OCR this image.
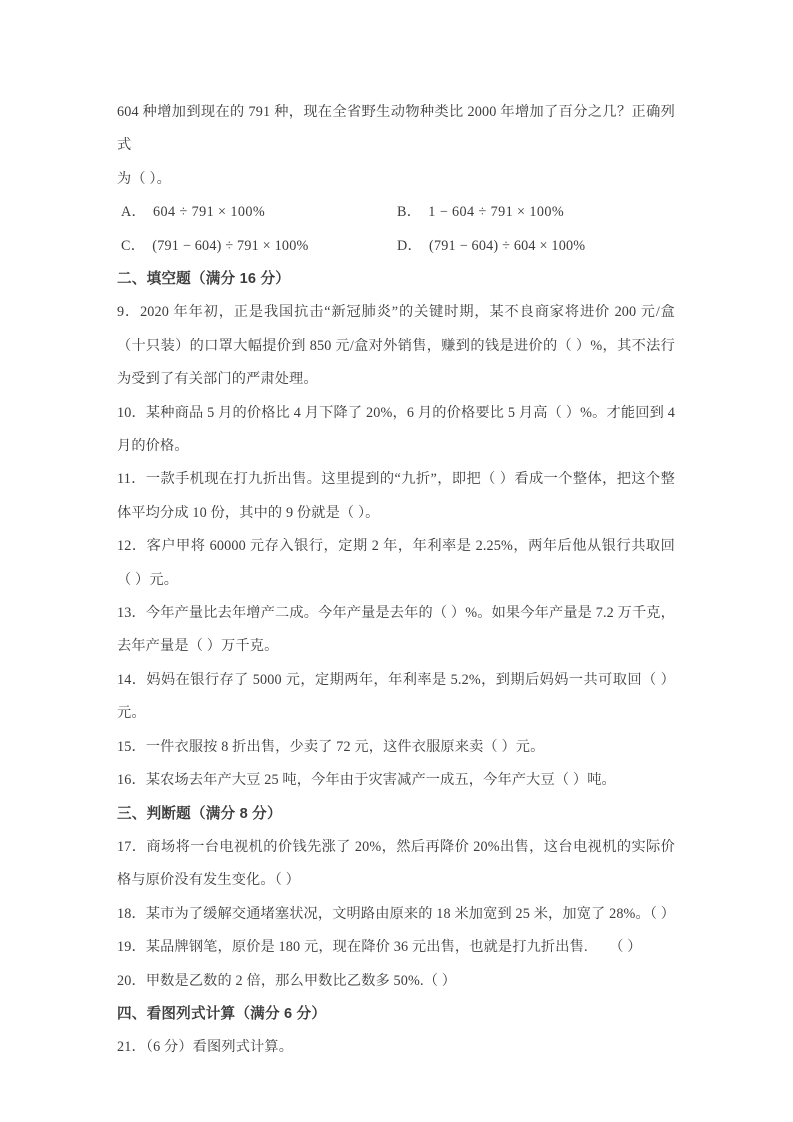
604 种增加到现在的 791 种，现在全省野生动物种类比 2000 年增加了百分之几？正确列式

为（ ）。

A． 604 ÷ 791 × 100%	B． 1 − 604 ÷ 791 × 100%
C． (791 − 604) ÷ 791 × 100%	D． (791 − 604) ÷ 604 × 100%

二、填空题（满分 16 分）

9．2020 年年初，正是我国抗击“新冠肺炎”的关键时期，某不良商家将进价 200 元/盒（十只装）的口罩大幅提价到 850 元/盒对外销售，赚到的钱是进价的（ ）%，其不法行为受到了有关部门的严肃处理。

10．某种商品 5 月的价格比 4 月下降了 20%，6 月的价格要比 5 月高（ ）%。才能回到 4 月的价格。

11．一款手机现在打九折出售。这里提到的“九折”，即把（ ）看成一个整体，把这个整体平均分成 10 份，其中的 9 份就是（ ）。

12．客户甲将 60000 元存入银行，定期 2 年，年利率是 2.25%，两年后他从银行共取回（ ）元。

13．今年产量比去年增产二成。今年产量是去年的（ ）%。如果今年产量是 7.2 万千克，去年产量是（ ）万千克。

14．妈妈在银行存了 5000 元，定期两年，年利率是 5.2%，到期后妈妈一共可取回（ ）元。

15．一件衣服按 8 折出售，少卖了 72 元，这件衣服原来卖（ ）元。

16．某农场去年产大豆 25 吨，今年由于灾害减产一成五，今年产大豆（ ）吨。

三、判断题（满分 8 分）

17．商场将一台电视机的价钱先涨了 20%，然后再降价 20%出售，这台电视机的实际价格与原价没有发生变化。（ ）

18．某市为了缓解交通堵塞状况，文明路由原来的 18 米加宽到 25 米，加宽了 28%。（ ）

19．某品牌钢笔，原价是 180 元，现在降价 36 元出售，也就是打九折出售.　　（ ）

20．甲数是乙数的 2 倍，那么甲数比乙数多 50%.（ ）

四、看图列式计算（满分 6 分）

21．（6 分）看图列式计算。
